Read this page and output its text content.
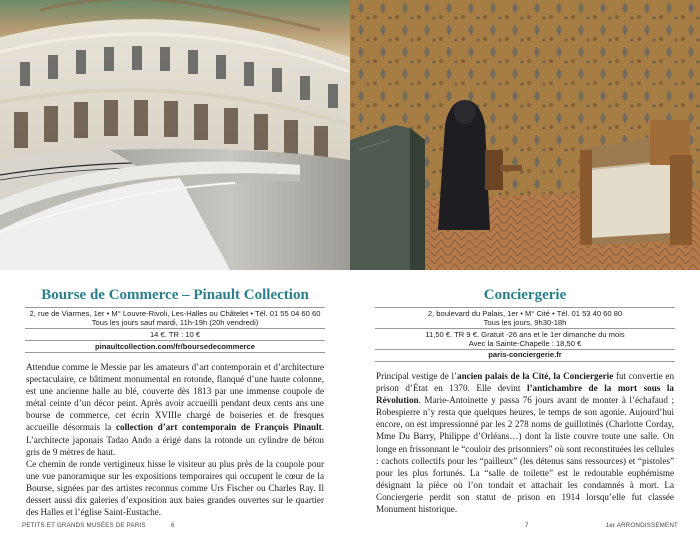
Bourse de Commerce – Pinault Collection
2, rue de Viarmes, 1er • M° Louvre-Rivoli, Les-Halles ou Châtelet • Tél. 01 55 04 60 60
Tous les jours sauf mardi, 11h-19h (20h vendredi)
14 €. TR : 10 €
pinaultcollection.com/fr/boursedecommerce

Attendue comme le Messie par les amateurs d’art contemporain et d’architecture spectaculaire, ce bâtiment monumental en rotonde, flanqué d’une haute colonne, est une ancienne halle au blé, couverte dès 1813 par une immense coupole de métal ceinte d’un décor peint. Après avoir accueilli pendant deux cents ans une bourse de commerce, cet écrin XVIIIe chargé de boiseries et de fresques accueille désormais la collection d’art contemporain de François Pinault. L’architecte japonais Tadao Ando a érigé dans la rotonde un cylindre de béton gris de 9 mètres de haut.

Ce chemin de ronde vertigineux hisse le visiteur au plus près de la coupole pour une vue panoramique sur les expositions temporaires qui occupent le cœur de la Bourse, signées par des artistes reconnus comme Urs Fischer ou Charles Ray. Il dessert aussi dix galeries d’exposition aux baies grandes ouvertes sur le quartier des Halles et l’église Saint-Eustache.

PETITS ET GRANDS MUSÉES DE PARIS	6
Conciergerie
2, boulevard du Palais, 1er • M° Cité • Tél. 01 53 40 60 80
Tous les jours, 9h30-18h
11,50 €. TR 9 €. Gratuit -26 ans et le 1er dimanche du mois
Avec la Sainte-Chapelle : 18,50 €
paris-conciergerie.fr

Principal vestige de l’ancien palais de la Cité, la Conciergerie fut convertie en prison d’État en 1370. Elle devint l’antichambre de la mort sous la Révolution. Marie-Antoinette y passa 76 jours avant de monter à l’échafaud ; Robespierre n’y resta que quelques heures, le temps de son agonie. Aujourd’hui encore, on est impressionné par les 2 278 noms de guillotinés (Charlotte Corday, Mme Du Barry, Philippe d’Orléans…) dont la liste couvre toute une salle. On longe en frissonnant le “couloir des prisonniers” où sont reconstituées les cellules : cachots collectifs pour les “pailleux” (les détenus sans ressources) et “pistoles” pour les plus fortunés. La “salle de toilette” est le redoutable euphémisme désignant la pièce où l’on tondait et attachait les condamnés à mort. La Conciergerie perdit son statut de prison en 1914 lorsqu’elle fut classée Monument historique.

7	1er ARRONDISSEMENT
